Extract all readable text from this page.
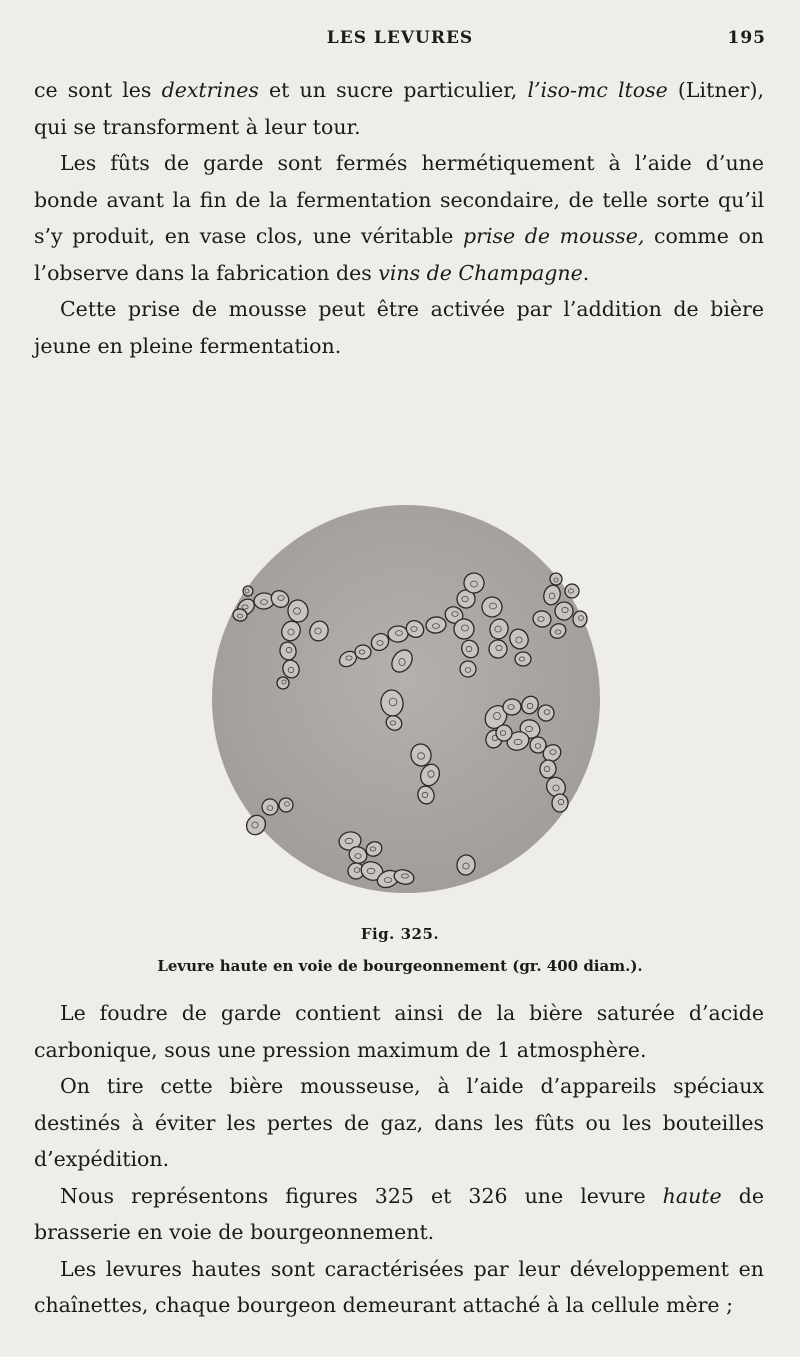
LES LEVURES	195

ce sont les dextrines et un sucre particulier, l’iso-mc ltose (Litner), qui se transforment à leur tour.

Les fûts de garde sont fermés hermétiquement à l’aide d’une bonde avant la fin de la fermentation secondaire, de telle sorte qu’il s’y produit, en vase clos, une véritable prise de mousse, comme on l’observe dans la fabrication des vins de Champagne.

Cette prise de mousse peut être activée par l’addition de bière jeune en pleine fermentation.

Fig. 325.
Levure haute en voie de bourgeonnement (gr. 400 diam.).

Le foudre de garde contient ainsi de la bière saturée d’acide carbonique, sous une pression maximum de 1 atmosphère.

On tire cette bière mousseuse, à l’aide d’appareils spéciaux destinés à éviter les pertes de gaz, dans les fûts ou les bouteilles d’expédition.

Nous représentons figures 325 et 326 une levure haute de brasserie en voie de bourgeonnement.

Les levures hautes sont caractérisées par leur développement en chaînettes, chaque bourgeon demeurant attaché à la cellule mère ;
